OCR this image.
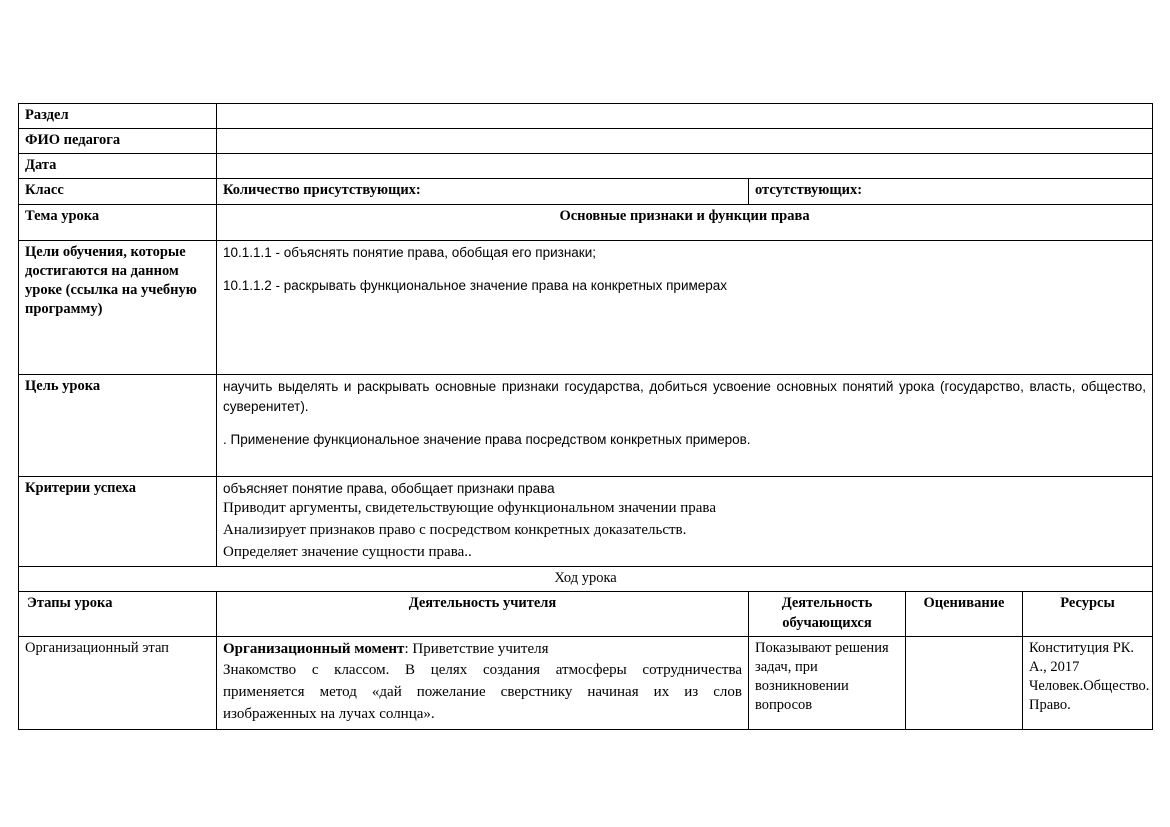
Раздел				
ФИО педагога				
Дата				
Класс	Количество присутствующих:	отсутствующих:		
Тема урока	Основные признаки и функции права			
Цели обучения, которые достигаются на данном уроке (ссылка на учебную программу)	10.1.1.1 - объяснять понятие права, обобщая его признаки;

10.1.1.2 - раскрывать функциональное значение права на конкретных примерах			

Цель урока	научить выделять и раскрывать основные признаки государства, добиться усвоение основных понятий урока (государство, власть, общество, суверенитет).

. Применение функциональное значение права посредством конкретных примеров.			

Критерии успеха	объясняет понятие права, обобщает признаки права

Приводит аргументы, свидетельствующие офункциональном значении права

Анализирует признаков право с посредством конкретных доказательств.

Определяет значение сущности права..			

Ход урока				
Этапы урока	Деятельность учителя	Деятельность обучающихся	Оценивание	Ресурсы
Организационный этап	Организационный момент: Приветствие учителя

Знакомство с классом. В целях создания атмосферы сотрудничества применяется метод «дай пожелание сверстнику начиная их из слов изображенных на лучах солнца».	Показывают решения задач, при возникновении вопросов		Конституция РК. А., 2017 Человек.Общество. Право.
